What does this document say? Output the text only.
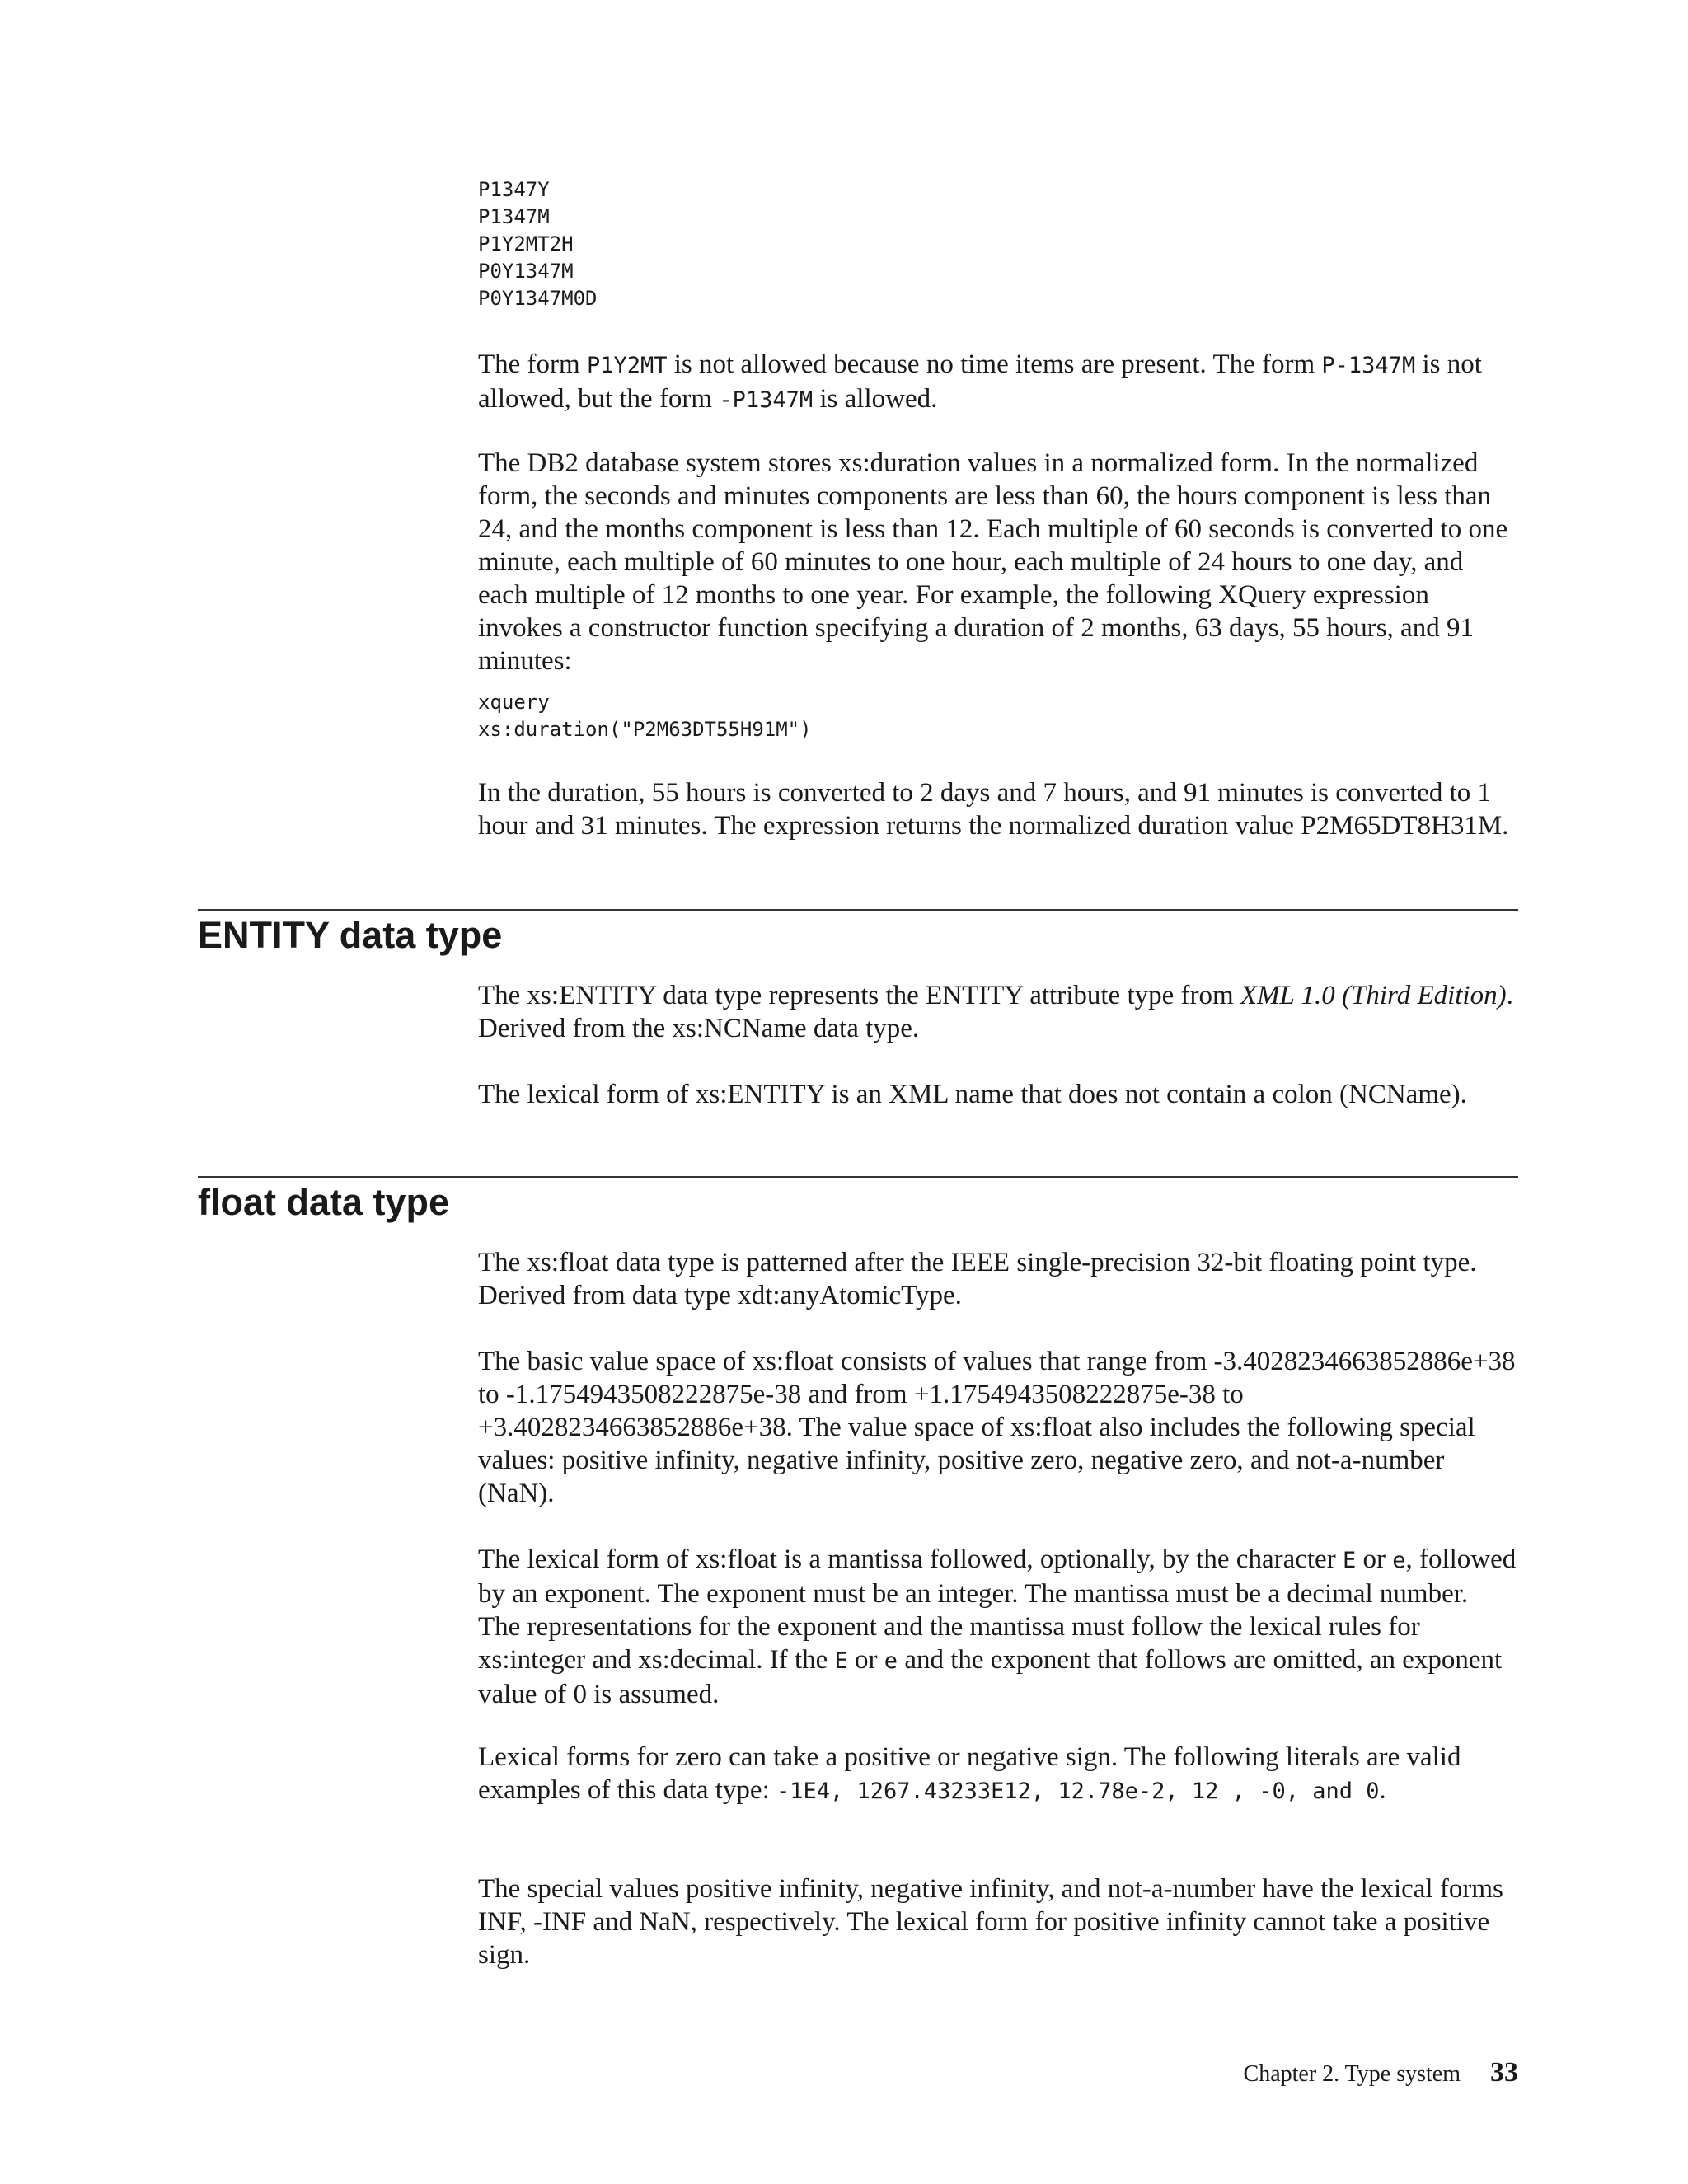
P1347Y
P1347M
P1Y2MT2H
P0Y1347M
P0Y1347M0D

The form P1Y2MT is not allowed because no time items are present. The form P-1347M is not allowed, but the form -P1347M is allowed.

The DB2 database system stores xs:duration values in a normalized form. In the normalized form, the seconds and minutes components are less than 60, the hours component is less than 24, and the months component is less than 12. Each multiple of 60 seconds is converted to one minute, each multiple of 60 minutes to one hour, each multiple of 24 hours to one day, and each multiple of 12 months to one year. For example, the following XQuery expression invokes a constructor function specifying a duration of 2 months, 63 days, 55 hours, and 91 minutes:

xquery
xs:duration("P2M63DT55H91M")

In the duration, 55 hours is converted to 2 days and 7 hours, and 91 minutes is converted to 1 hour and 31 minutes. The expression returns the normalized duration value P2M65DT8H31M.

ENTITY data type

The xs:ENTITY data type represents the ENTITY attribute type from XML 1.0 (Third Edition). Derived from the xs:NCName data type.

The lexical form of xs:ENTITY is an XML name that does not contain a colon (NCName).

float data type

The xs:float data type is patterned after the IEEE single-precision 32-bit floating point type. Derived from data type xdt:anyAtomicType.

The basic value space of xs:float consists of values that range from -3.4028234663852886e+38 to -1.1754943508222875e-38 and from +1.1754943508222875e-38 to +3.4028234663852886e+38. The value space of xs:float also includes the following special values: positive infinity, negative infinity, positive zero, negative zero, and not-a-number (NaN).

The lexical form of xs:float is a mantissa followed, optionally, by the character E or e, followed by an exponent. The exponent must be an integer. The mantissa must be a decimal number. The representations for the exponent and the mantissa must follow the lexical rules for xs:integer and xs:decimal. If the E or e and the exponent that follows are omitted, an exponent value of 0 is assumed.

Lexical forms for zero can take a positive or negative sign. The following literals are valid examples of this data type: -1E4, 1267.43233E12, 12.78e-2, 12 , -0, and 0.

The special values positive infinity, negative infinity, and not-a-number have the lexical forms INF, -INF and NaN, respectively. The lexical form for positive infinity cannot take a positive sign.

Chapter 2. Type system 33
